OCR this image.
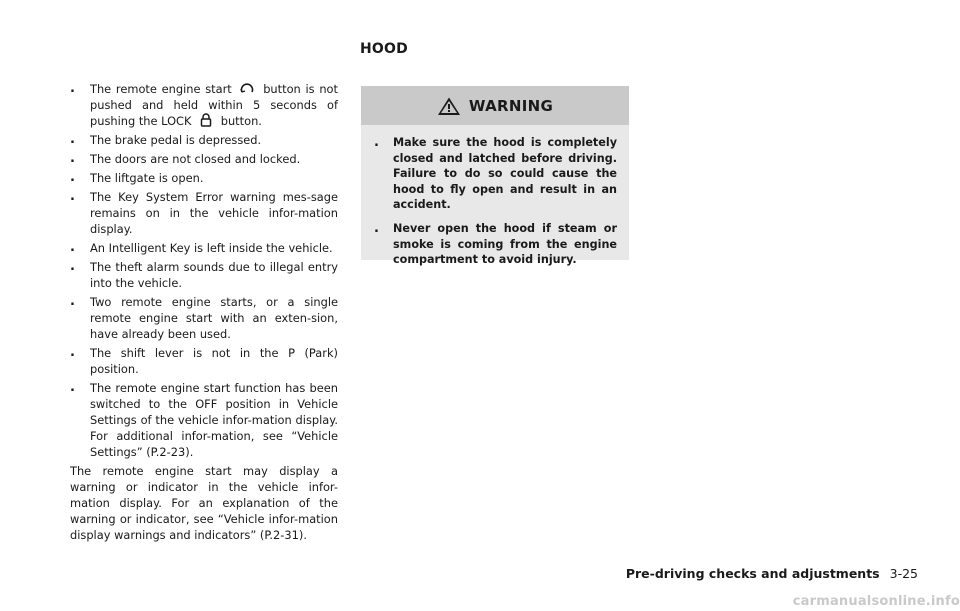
HOOD
. The remote engine start	button is not pushed and held within 5 seconds of pushing the LOCK	button.
. The brake pedal is depressed.
. The doors are not closed and locked.
. The liftgate is open.
. The Key System Error warning mes-sage remains on in the vehicle infor-mation display.
. An Intelligent Key is left inside the vehicle.
. The theft alarm sounds due to illegal entry into the vehicle.
. Two remote engine starts, or a single remote engine start with an exten-sion, have already been used.
. The shift lever is not in the P (Park) position.
. The remote engine start function has been switched to the OFF position in Vehicle Settings of the vehicle infor-mation display. For additional infor-mation, see “Vehicle Settings” (P.2-23).

The remote engine start may display a warning or indicator in the vehicle infor-mation display. For an explanation of the warning or indicator, see “Vehicle infor-mation display warnings and indicators” (P.2-31).

WARNING
. Make sure the hood is completely closed and latched before driving. Failure to do so could cause the hood to fly open and result in an accident.
. Never open the hood if steam or smoke is coming from the engine compartment to avoid injury.
Pre-driving checks and adjustments 3-25
carmanualsonline.info
